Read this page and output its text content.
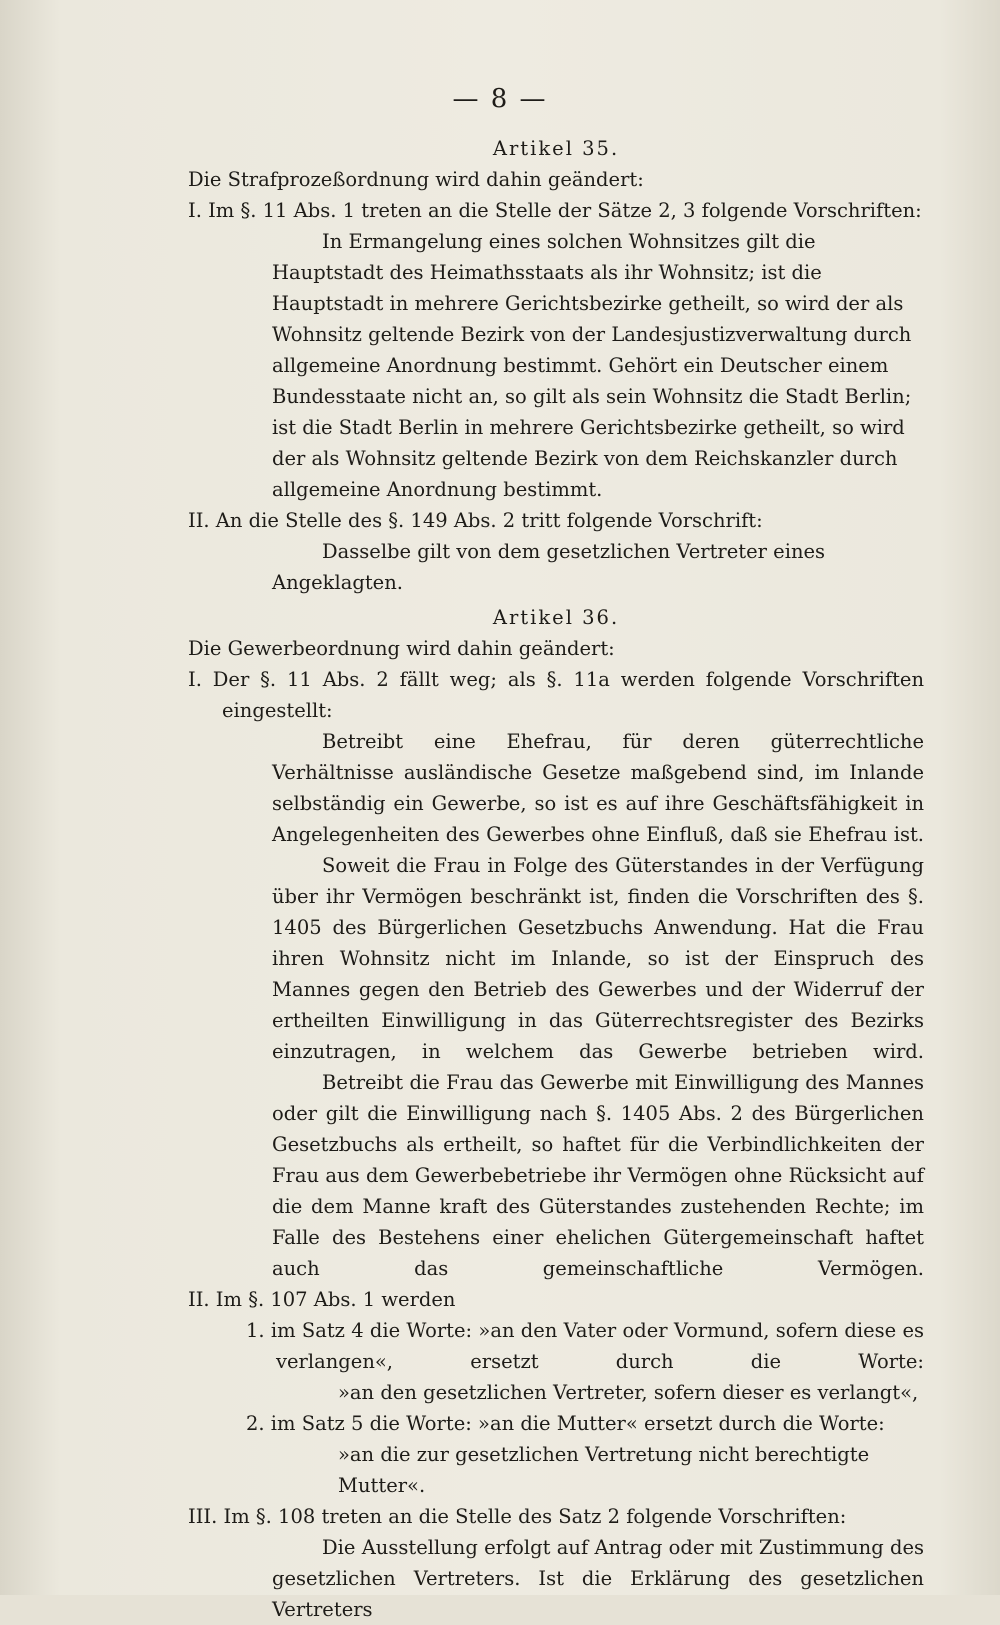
— 8 —

Artikel 35.

Die Strafprozeßordnung wird dahin geändert:

I. Im §. 11 Abs. 1 treten an die Stelle der Sätze 2, 3 folgende Vorschriften:

In Ermangelung eines solchen Wohnsitzes gilt die Hauptstadt des Heimathsstaats als ihr Wohnsitz; ist die Hauptstadt in mehrere Gerichtsbezirke getheilt, so wird der als Wohnsitz geltende Bezirk von der Landesjustizverwaltung durch allgemeine Anordnung bestimmt. Gehört ein Deutscher einem Bundesstaate nicht an, so gilt als sein Wohnsitz die Stadt Berlin; ist die Stadt Berlin in mehrere Gerichtsbezirke getheilt, so wird der als Wohnsitz geltende Bezirk von dem Reichskanzler durch allgemeine Anordnung bestimmt.

II. An die Stelle des §. 149 Abs. 2 tritt folgende Vorschrift:

Dasselbe gilt von dem gesetzlichen Vertreter eines Angeklagten.

Artikel 36.

Die Gewerbeordnung wird dahin geändert:

I. Der §. 11 Abs. 2 fällt weg; als §. 11a werden folgende Vorschriften eingestellt:

Betreibt eine Ehefrau, für deren güterrechtliche Verhältnisse ausländische Gesetze maßgebend sind, im Inlande selbständig ein Gewerbe, so ist es auf ihre Geschäftsfähigkeit in Angelegenheiten des Gewerbes ohne Einfluß, daß sie Ehefrau ist.

Soweit die Frau in Folge des Güterstandes in der Verfügung über ihr Vermögen beschränkt ist, finden die Vorschriften des §. 1405 des Bürgerlichen Gesetzbuchs Anwendung. Hat die Frau ihren Wohnsitz nicht im Inlande, so ist der Einspruch des Mannes gegen den Betrieb des Gewerbes und der Widerruf der ertheilten Einwilligung in das Güterrechtsregister des Bezirks einzutragen, in welchem das Gewerbe betrieben wird.

Betreibt die Frau das Gewerbe mit Einwilligung des Mannes oder gilt die Einwilligung nach §. 1405 Abs. 2 des Bürgerlichen Gesetzbuchs als ertheilt, so haftet für die Verbindlichkeiten der Frau aus dem Gewerbebetriebe ihr Vermögen ohne Rücksicht auf die dem Manne kraft des Güterstandes zustehenden Rechte; im Falle des Bestehens einer ehelichen Gütergemeinschaft haftet auch das gemeinschaftliche Vermögen.

II. Im §. 107 Abs. 1 werden

1. im Satz 4 die Worte: »an den Vater oder Vormund, sofern diese es verlangen«, ersetzt durch die Worte:

»an den gesetzlichen Vertreter, sofern dieser es verlangt«,

2. im Satz 5 die Worte: »an die Mutter« ersetzt durch die Worte:

»an die zur gesetzlichen Vertretung nicht berechtigte Mutter«.

III. Im §. 108 treten an die Stelle des Satz 2 folgende Vorschriften:

Die Ausstellung erfolgt auf Antrag oder mit Zustimmung des gesetzlichen Vertreters. Ist die Erklärung des gesetzlichen Vertreters
